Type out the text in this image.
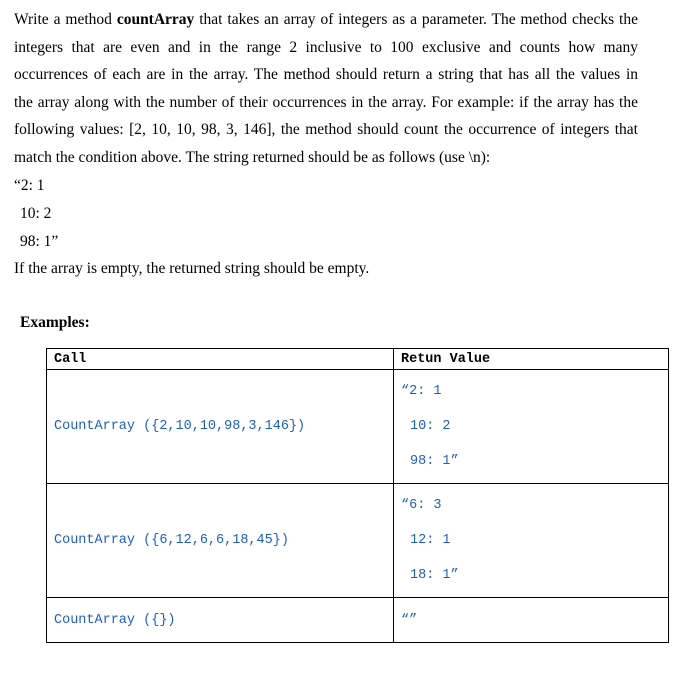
Write a method countArray that takes an array of integers as a parameter. The method checks the
integers that are even and in the range 2 inclusive to 100 exclusive and counts how many
occurrences of each are in the array. The method should return a string that has all the values in
the array along with the number of their occurrences in the array. For example: if the array has the
following values: [2, 10, 10, 98, 3, 146], the method should count the occurrence of integers that
match the condition above. The string returned should be as follows (use \n):

“2: 1

10: 2

98: 1”

If the array is empty, the returned string should be empty.

Examples:

Call	Retun Value
CountArray ({2,10,10,98,3,146})	“2: 1
10: 2
98: 1”

CountArray ({6,12,6,6,18,45})	“6: 3
12: 1
18: 1”

CountArray ({})	“”
